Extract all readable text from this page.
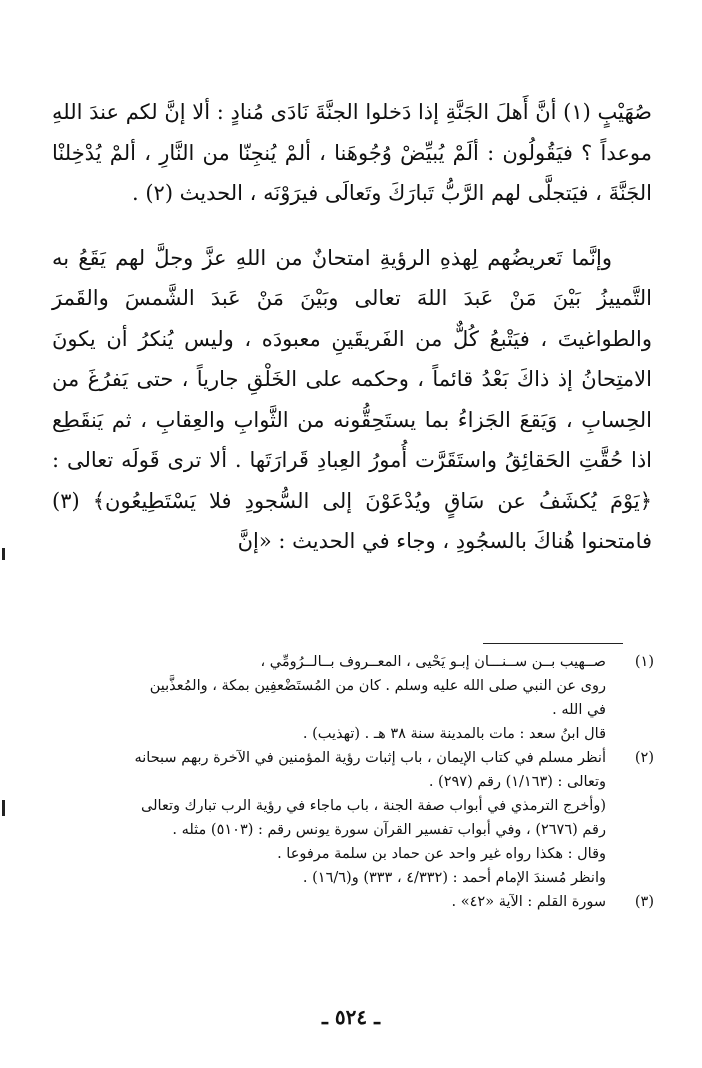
صُهَيْبٍ (١) أنَّ أَهلَ الجَنَّةِ إذا دَخلوا الجنَّةَ نَادَى مُنادٍ : ألا إنَّ لكم عندَ اللهِ موعداً ؟ فيَقُولُون : ألَمْ يُبيِّضْ وُجُوهَنا ، ألمْ يُنجِنّا من النَّارِ ، ألمْ يُدْخِلنْا الجَنَّةَ ، فيَتجلَّى لهم الرَّبُّ تَبارَكَ وتَعالَى فيرَوْنَه ، الحديث (٢) .

وإنَّما تَعريضُهم لِهذهِ الرؤيةِ امتحانٌ من اللهِ عزَّ وجلَّ لهم يَقَعُ به التَّمييزُ بَيْنَ مَنْ عَبدَ اللهَ تعالى وبَيْنَ مَنْ عَبدَ الشَّمسَ والقَمرَ والطواغيتَ ، فيَتْبعُ كُلٌّ من الفَريقَينِ معبودَه ، وليس يُنكرُ أن يكونَ الامتِحانُ إذ ذاكَ بَعْدُ قائماً ، وحكمه على الخَلْقِ جارياً ، حتى يَفرُغَ من الحِسابِ ، وَيَقعَ الجَزاءُ بما يستَحِقُّونه من الثَّوابِ والعِقابِ ، ثم يَنقَطِع اذا حُقَّتِ الحَقائِقُ واستَقَرَّت أُمورُ العِبادِ قَرارَتَها . ألا ترى قَولَه تعالى : ﴿يَوْمَ يُكشَفُ عن سَاقٍ ويُدْعَوْنَ إلى السُّجودِ فلا يَسْتَطِيعُون﴾ (٣) فامتحنوا هُناكَ بالسجُودِ ، وجاء في الحديث : «إنَّ

(١)
صــهيب بــن ســنـــان إبـو يَحْيى ، المعــروف بــالــرُومِّي ،
روى عن النبي صلى الله عليه وسلم . كان من المُستَضْعفِين بمكة ، والمُعذَّبين
في الله .
قال ابنُ سعد : مات بالمدينة سنة ٣٨ هـ . (تهذيب) .
(٢)
أنظر مسلم في كتاب الإيمان ، باب إثبات رؤية المؤمنين في الآخرة ربهم سبحانه
وتعالى : (١/١٦٣) رقم (٢٩٧) .
(وأخرج الترمذي في أبواب صفة الجنة ، باب ماجاء في رؤية الرب تبارك وتعالى
رقم (٢٦٧٦) ، وفي أبواب تفسير القرآن سورة يونس رقم : (٥١٠٣) مثله .
وقال : هكذا رواه غير واحد عن حماد بن سلمة مرفوعا .
وانظر مُسندَ الإمام أحمد : (٤/٣٣٢ ، ٣٣٣) و(١٦/٦) .
(٣)
سورة القلم : الآية «٤٢» .
ـ ٥٢٤ ـ
